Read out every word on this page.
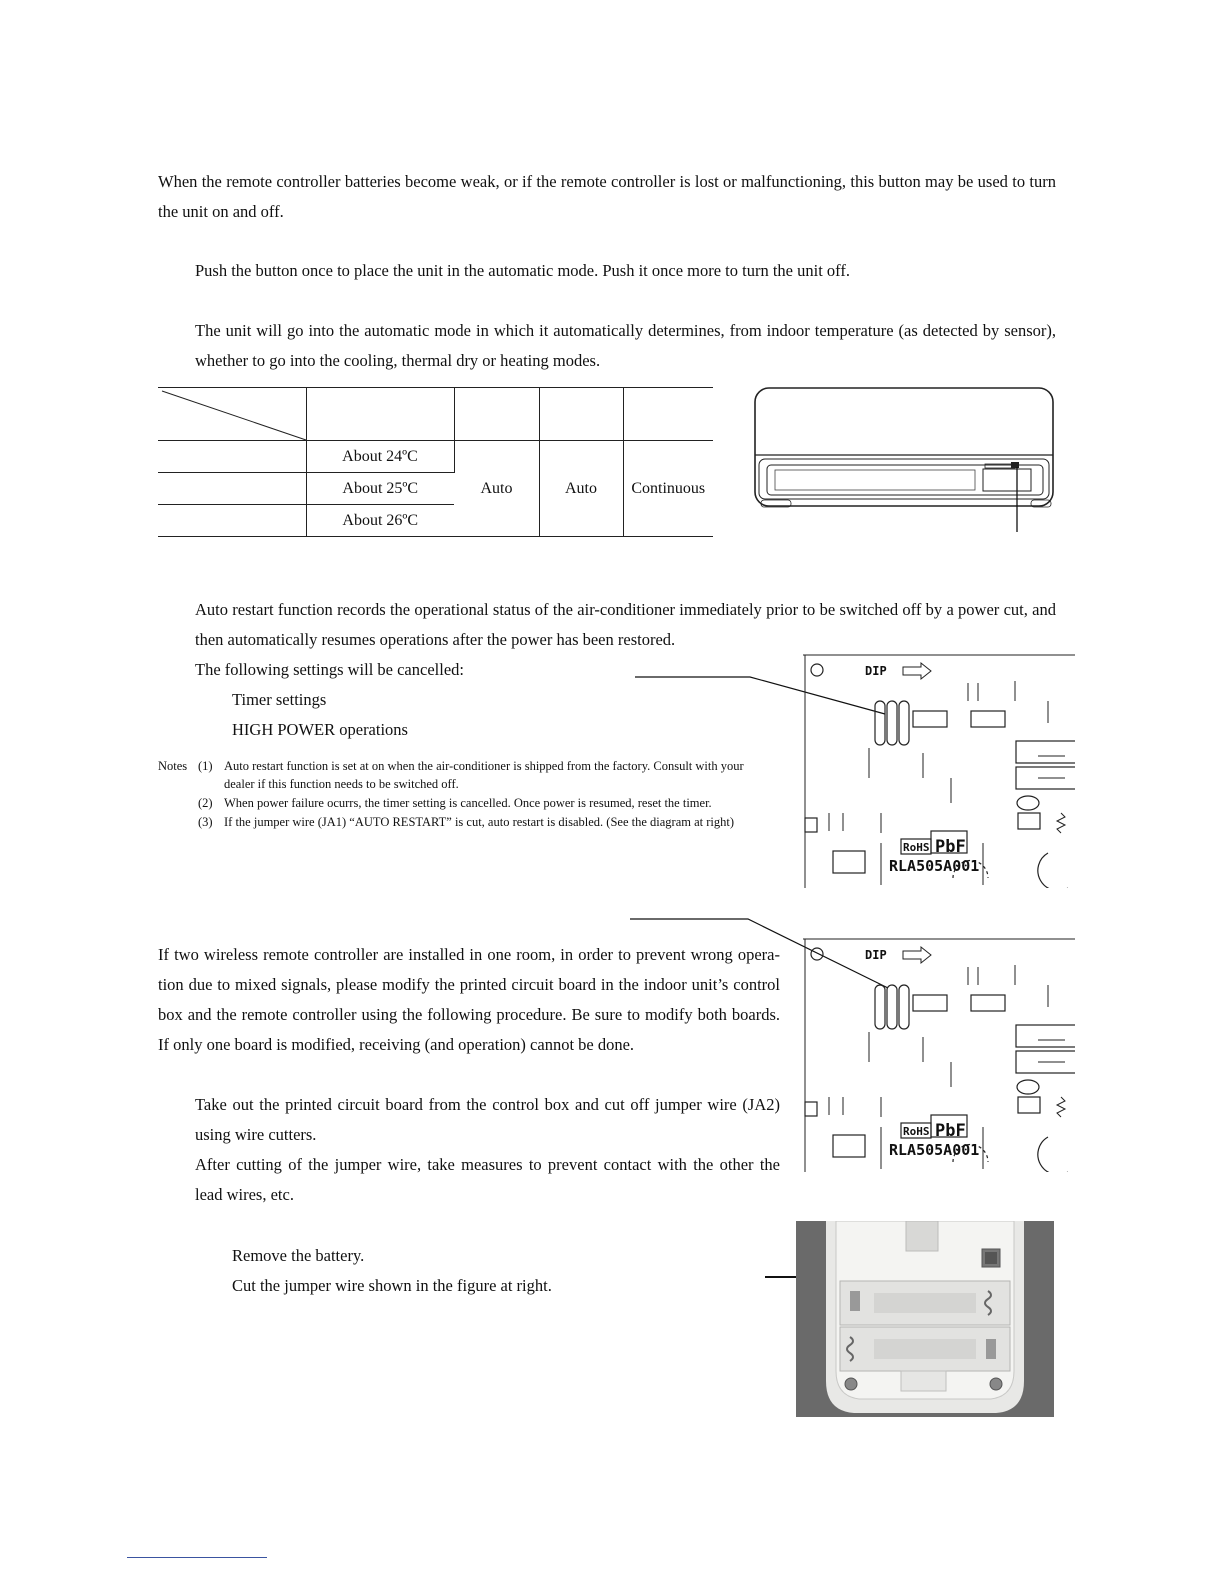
When the remote controller batteries become weak, or if the remote controller is lost or malfunctioning, this button may be used to turn the unit on and off.

Push the button once to place the unit in the automatic mode. Push it once more to turn the unit off.

The unit will go into the automatic mode in which it automatically determines, from indoor temperature (as detected by sensor), whether to go into the cooling, thermal dry or heating modes.

	About 24ºC	Auto	Auto	Continuous
	About 25ºC			
	About 26ºC			

Auto restart function records the operational status of the air-conditioner immediately prior to be switched off by a power cut, and then automatically resumes operations after the power has been restored.

The following settings will be cancelled:

Timer settings

HIGH POWER operations

Notes (1) Auto restart function is set at on when the air-conditioner is shipped from the factory. Consult with your dealer if this function needs to be switched off.
(2) When power failure ocurrs, the timer setting is cancelled. Once power is resumed, reset the timer.
(3) If the jumper wire (JA1) “AUTO RESTART” is cut, auto restart is disabled. (See the diagram at right)
DIP
RoHS PbF
RLA505A001

If two wireless remote controller are installed in one room, in order to prevent wrong opera-

tion due to mixed signals, please modify the printed circuit board in the indoor unit’s control

box and the remote controller using the following procedure. Be sure to modify both boards.

If only one board is modified, receiving (and operation) cannot be done.

Take out the printed circuit board from the control box and cut off jumper wire (JA2)

using wire cutters.

After cutting of the jumper wire, take measures to prevent contact with the other the

lead wires, etc.

DIP
RoHS PbF
RLA505A001

Remove the battery.

Cut the jumper wire shown in the figure at right.
